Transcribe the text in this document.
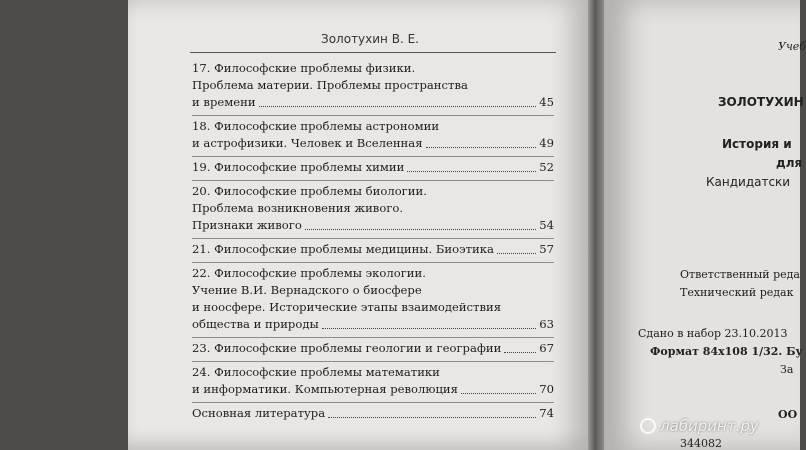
Золотухин В. Е.
17. Философские проблемы физики.
Проблема материи. Проблемы пространства
и времени	45
18. Философские проблемы астрономии
и астрофизики. Человек и Вселенная	49
19. Философские проблемы химии	52
20. Философские проблемы биологии.
Проблема возникновения живого.
Признаки живого	54
21. Философские проблемы медицины. Биоэтика	57
22. Философские проблемы экологии.
Учение В.И. Вернадского о биосфере
и ноосфере. Исторические этапы взаимодействия
общества и природы	63
23. Философские проблемы геологии и географии	67
24. Философские проблемы математики
и информатики. Компьютерная революция	70
Основная литература	74
Учеб
ЗОЛОТУХИН
История и
для
Кандидатски
Ответственный реда
Технический редак
Сдано в набор 23.10.2013
Формат 84x108 1/32. Бу
За
ОО
344082
лабиринт.ру
